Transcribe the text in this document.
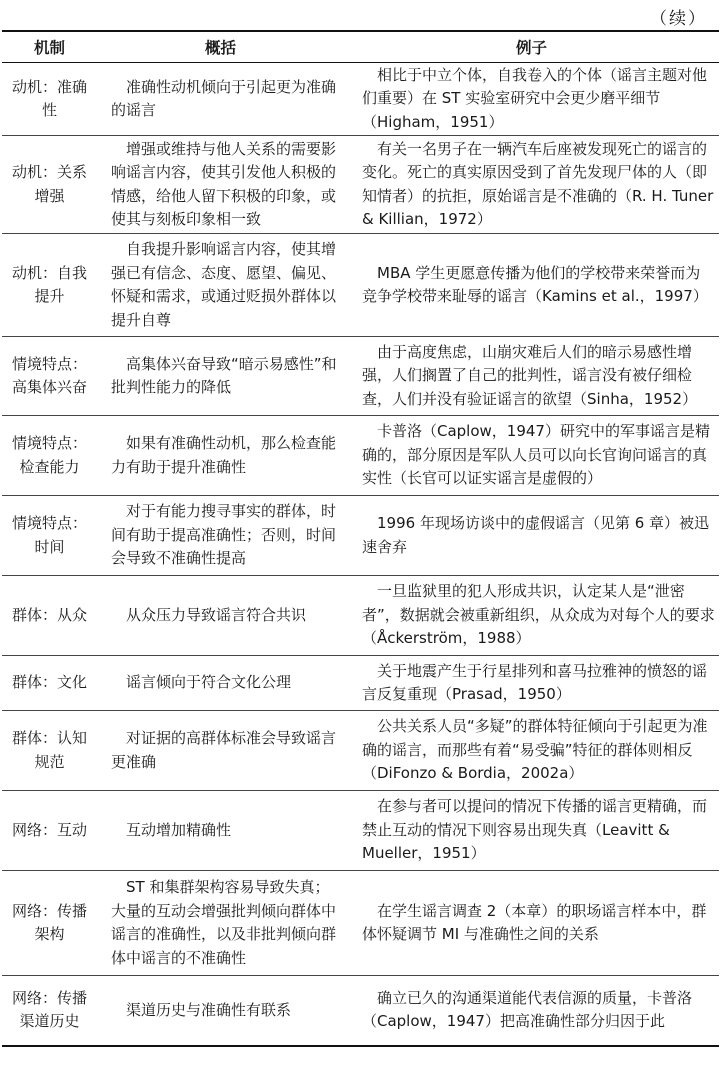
（续）
机制	概括	例子
动机：准确性	准确性动机倾向于引起更为准确的谣言	相比于中立个体，自我卷入的个体（谣言主题对他们重要）在 ST 实验室研究中会更少磨平细节（Higham，1951）
动机：关系增强	增强或维持与他人关系的需要影响谣言内容，使其引发他人积极的情感，给他人留下积极的印象，或使其与刻板印象相一致	有关一名男子在一辆汽车后座被发现死亡的谣言的变化。死亡的真实原因受到了首先发现尸体的人（即知情者）的抗拒，原始谣言是不准确的（R. H. Tuner & Killian，1972）
动机：自我提升	自我提升影响谣言内容，使其增强已有信念、态度、愿望、偏见、怀疑和需求，或通过贬损外群体以提升自尊	MBA 学生更愿意传播为他们的学校带来荣誉而为竞争学校带来耻辱的谣言（Kamins et al.，1997）
情境特点：高集体兴奋	高集体兴奋导致“暗示易感性”和批判性能力的降低	由于高度焦虑，山崩灾难后人们的暗示易感性增强，人们搁置了自己的批判性，谣言没有被仔细检查，人们并没有验证谣言的欲望（Sinha，1952）
情境特点：检查能力	如果有准确性动机，那么检查能力有助于提升准确性	卡普洛（Caplow，1947）研究中的军事谣言是精确的，部分原因是军队人员可以向长官询问谣言的真实性（长官可以证实谣言是虚假的）
情境特点：时间	对于有能力搜寻事实的群体，时间有助于提高准确性；否则，时间会导致不准确性提高	1996 年现场访谈中的虚假谣言（见第 6 章）被迅速舍弃
群体：从众	从众压力导致谣言符合共识	一旦监狱里的犯人形成共识，认定某人是“泄密者”，数据就会被重新组织，从众成为对每个人的要求（Åckerström，1988）
群体：文化	谣言倾向于符合文化公理	关于地震产生于行星排列和喜马拉雅神的愤怒的谣言反复重现（Prasad，1950）
群体：认知规范	对证据的高群体标准会导致谣言更准确	公共关系人员“多疑”的群体特征倾向于引起更为准确的谣言，而那些有着“易受骗”特征的群体则相反（DiFonzo & Bordia，2002a）
网络：互动	互动增加精确性	在参与者可以提问的情况下传播的谣言更精确，而禁止互动的情况下则容易出现失真（Leavitt & Mueller，1951）
网络：传播架构	ST 和集群架构容易导致失真；大量的互动会增强批判倾向群体中谣言的准确性，以及非批判倾向群体中谣言的不准确性	在学生谣言调查 2（本章）的职场谣言样本中，群体怀疑调节 MI 与准确性之间的关系
网络：传播渠道历史	渠道历史与准确性有联系	确立已久的沟通渠道能代表信源的质量，卡普洛（Caplow，1947）把高准确性部分归因于此
